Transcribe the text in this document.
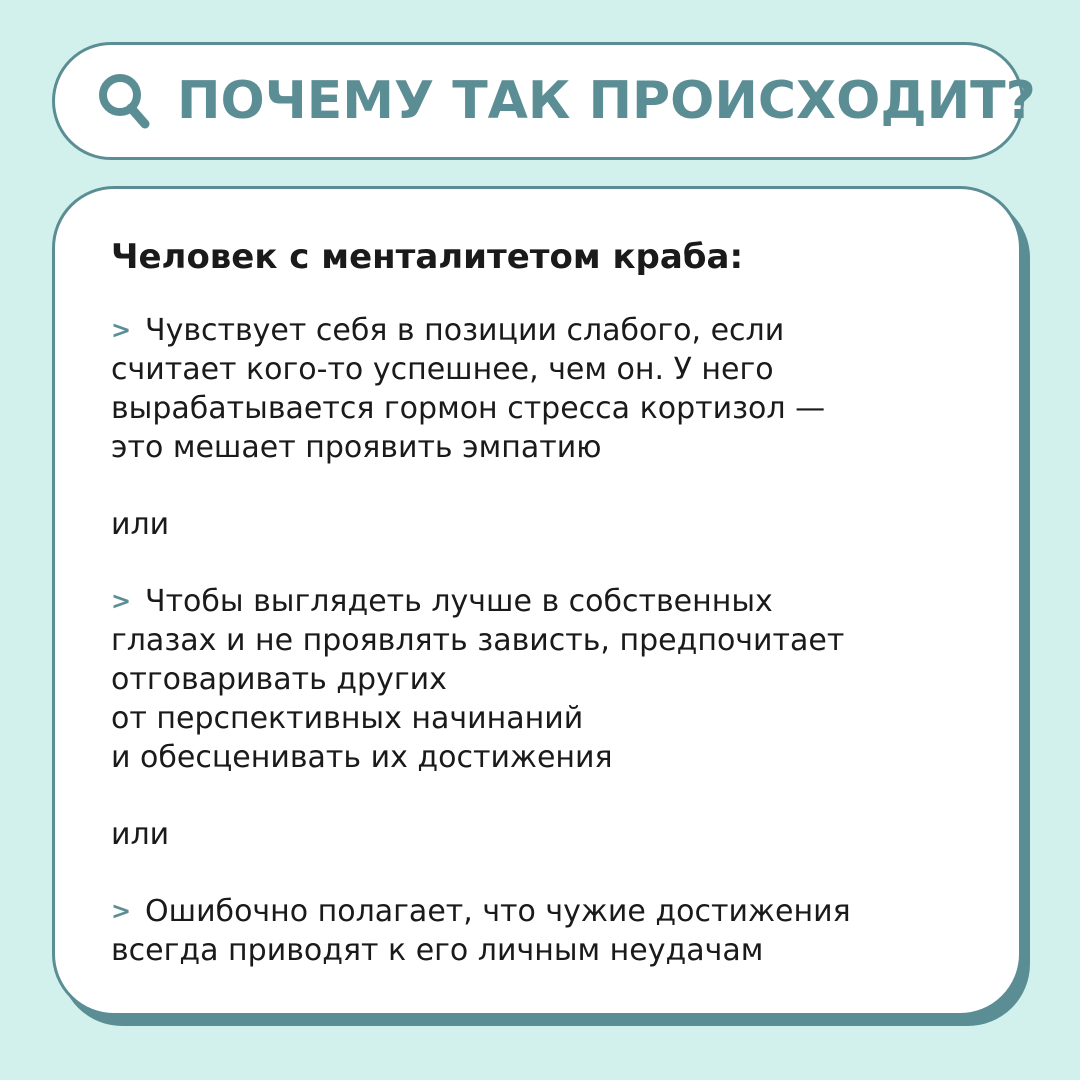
ПОЧЕМУ ТАК ПРОИСХОДИТ?
Человек с менталитетом краба:

> Чувствует себя в позиции слабого, если
считает кого-то успешнее, чем он. У него
вырабатывается гормон стресса кортизол —
это мешает проявить эмпатию

или

> Чтобы выглядеть лучше в собственных
глазах и не проявлять зависть, предпочитает
отговаривать других
от перспективных начинаний
и обесценивать их достижения

или

> Ошибочно полагает, что чужие достижения
всегда приводят к его личным неудачам
